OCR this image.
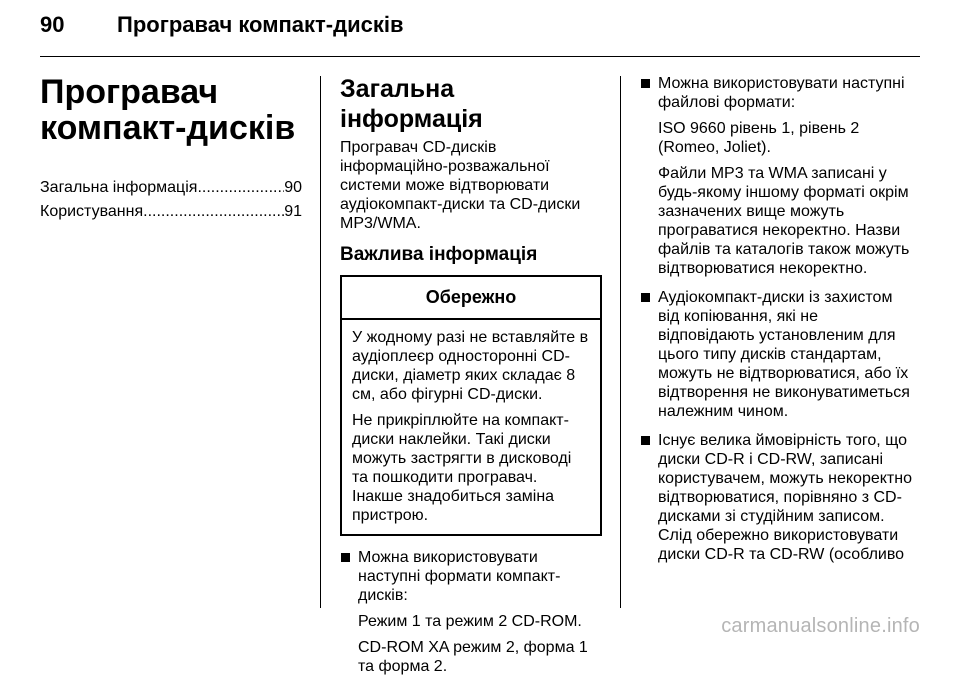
90 Програвач компакт-дисків
Програвач
компакт-дисків
Загальна інформація .....	90
Користування .....	91
Загальна інформація

Програвач CD-дисків інформаційно-розважальної системи може відтворювати аудіокомпакт-диски та CD-диски MP3/WMA.

Важлива інформація
Обережно

У жодному разі не вставляйте в аудіоплеєр односторонні CD-диски, діаметр яких складає 8 см, або фігурні CD-диски.

Не прикріплюйте на компакт-диски наклейки. Такі диски можуть застрягти в дисководі та пошкодити програвач. Інакше знадобиться заміна пристрою.

Можна використовувати наступні формати компакт-дисків:

Режим 1 та режим 2 CD-ROM.

CD-ROM XA режим 2, форма 1 та форма 2.

Можна використовувати наступні файлові формати:

ISO 9660 рівень 1, рівень 2 (Romeo, Joliet).

Файли MP3 та WMA записані у будь-якому іншому форматі окрім зазначених вище можуть програватися некоректно. Назви файлів та каталогів також можуть відтворюватися некоректно.

Аудіокомпакт-диски із захистом від копіювання, які не відповідають установленим для цього типу дисків стандартам, можуть не відтворюватися, або їх відтворення не виконуватиметься належним чином.
Існує велика ймовірність того, що диски CD-R і CD-RW, записані користувачем, можуть некоректно відтворюватися, порівняно з CD-дисками зі студійним записом. Слід обережно використовувати диски CD-R та CD-RW (особливо
carmanualsonline.info
